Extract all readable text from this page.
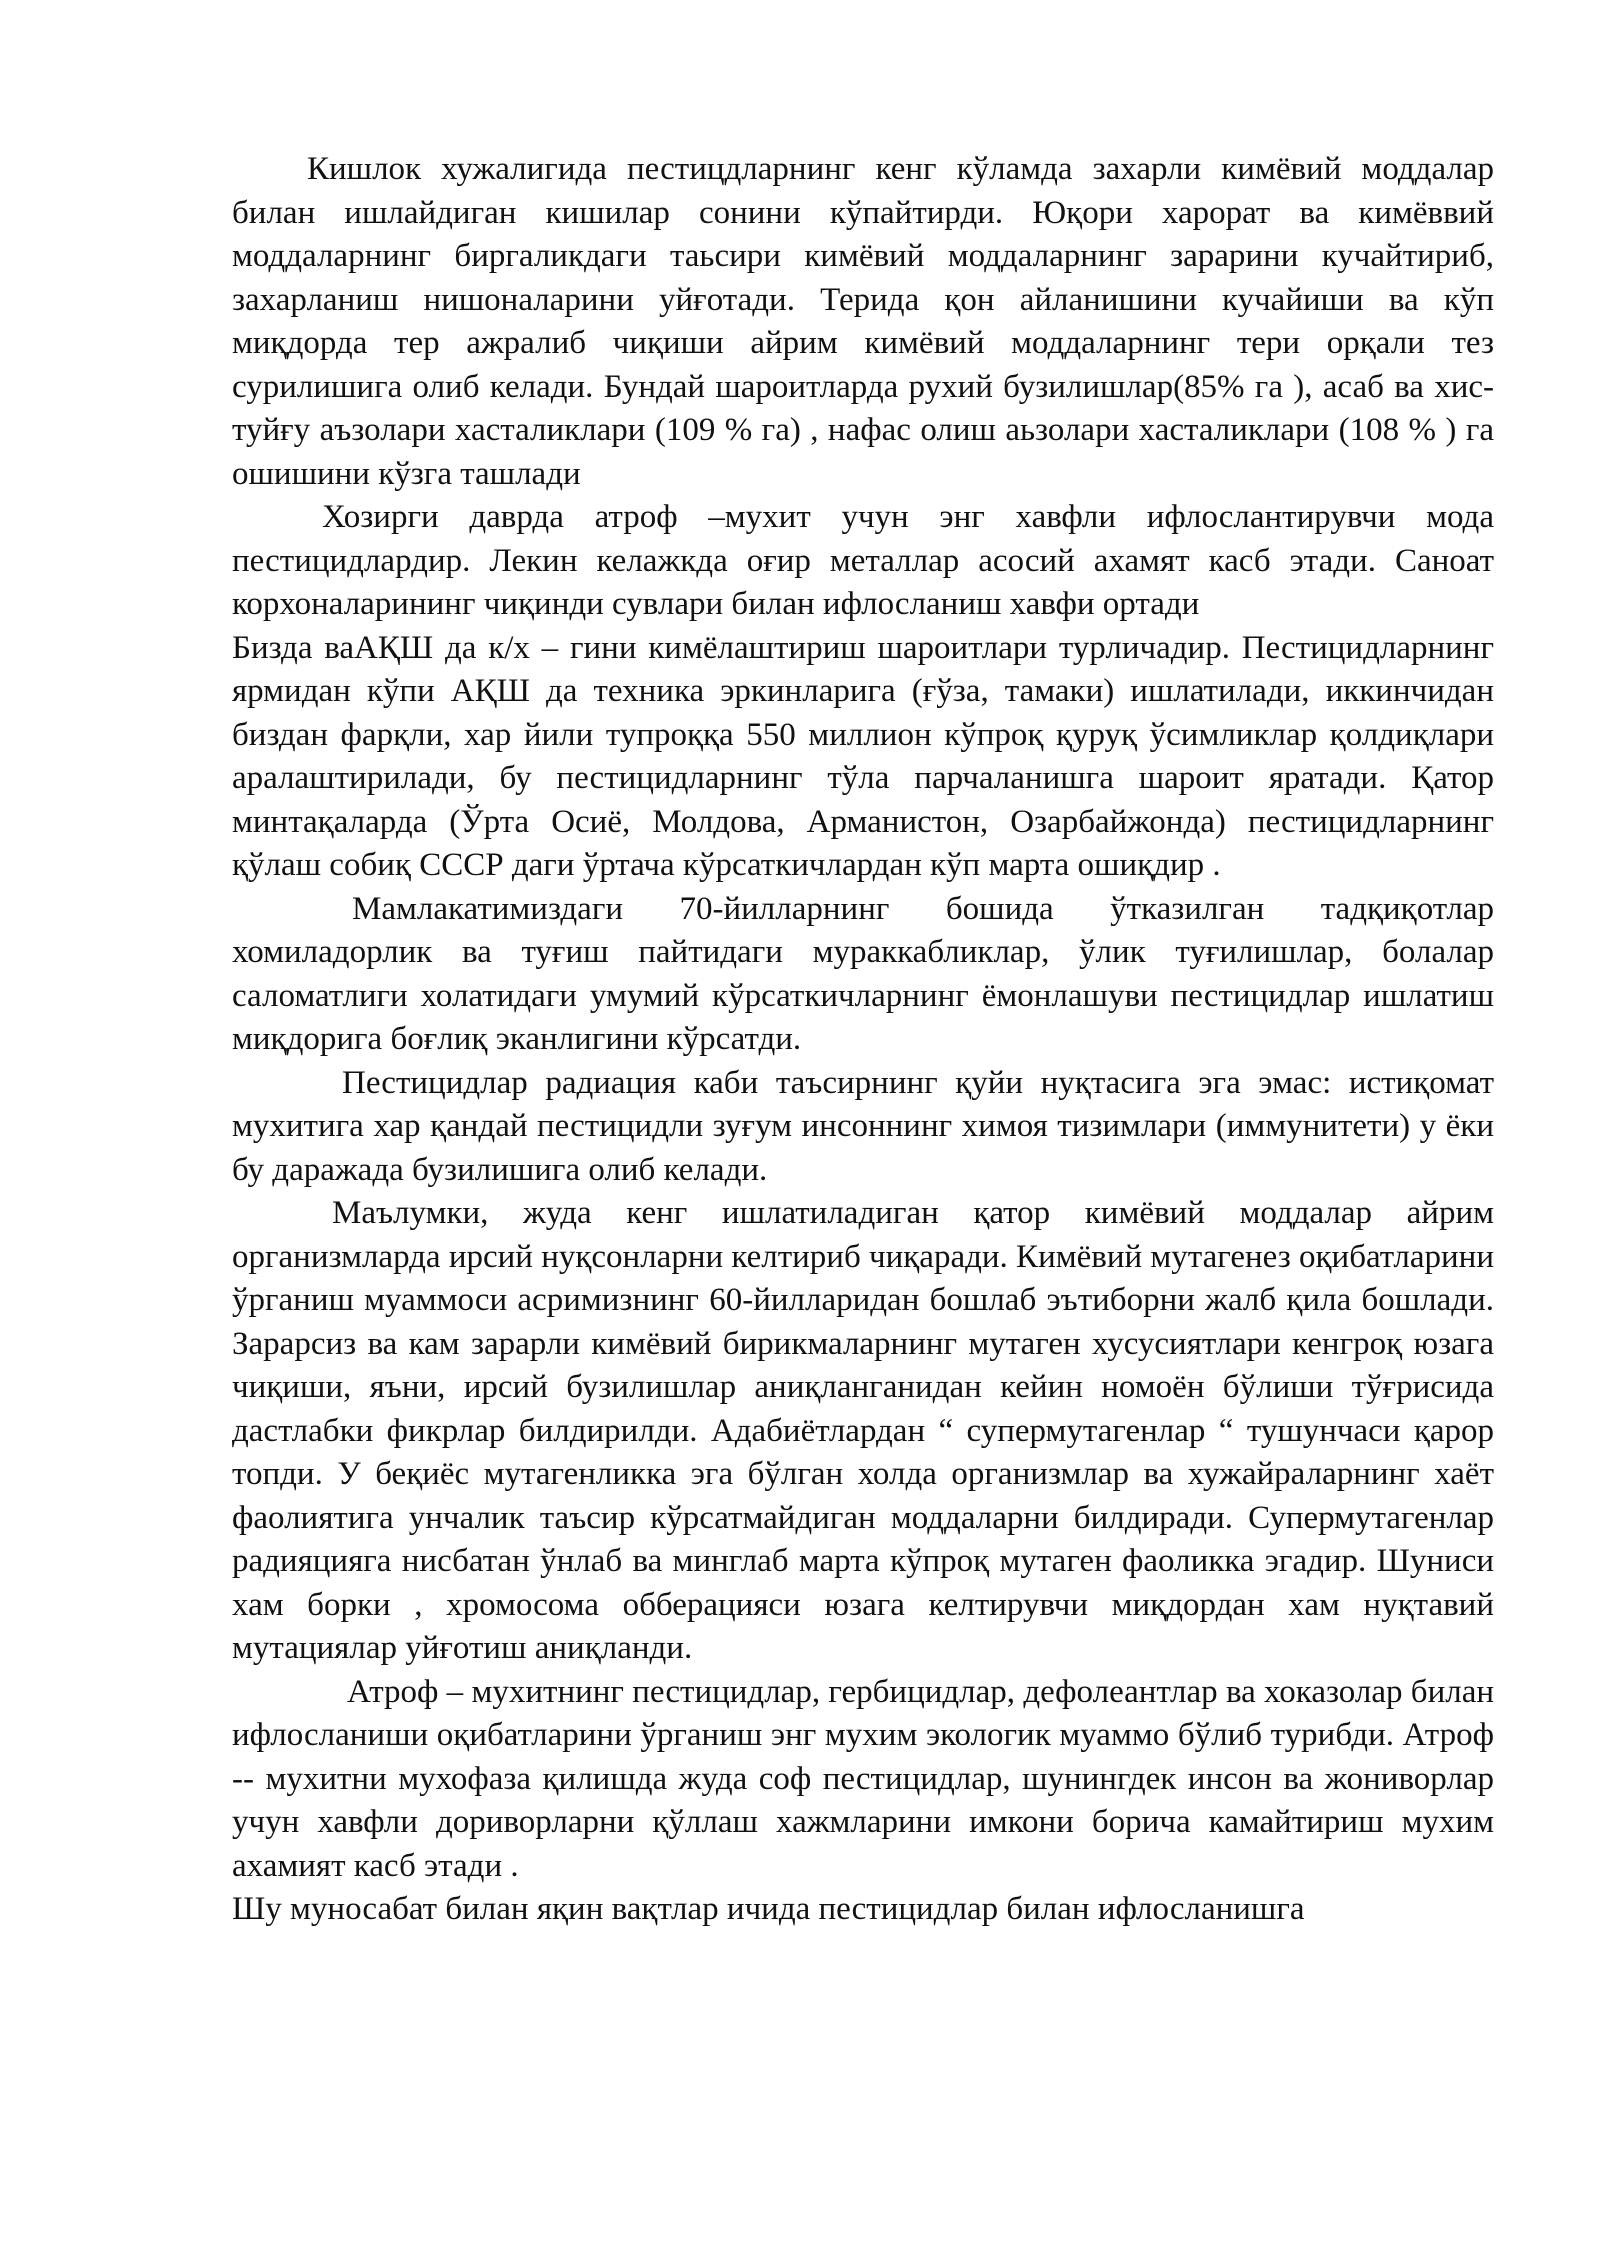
Кишлок хужалигида пестицдларнинг кенг кўламда захарли кимёвий моддалар билан ишлайдиган кишилар сонини кўпайтирди. Юқори харорат ва кимёввий моддаларнинг биргаликдаги таьсири кимёвий моддаларнинг зарарини кучайтириб, захарланиш нишоналарини уйғотади. Терида қон айланишини кучайиши ва кўп миқдорда тер ажралиб чиқиши айрим кимёвий моддаларнинг тери орқали тез сурилишига олиб келади. Бундай шароитларда рухий бузилишлар(85% га ), асаб ва хис- туйғу аъзолари хасталиклари (109 % га) , нафас олиш аьзолари хасталиклари (108 % ) га ошишини кўзга ташлади

Хозирги даврда атроф –мухит учун энг хавфли ифлослантирувчи мода пестицидлардир. Лекин келажкда оғир металлар асосий ахамят касб этади. Саноат корхоналарининг чиқинди сувлари билан ифлосланиш хавфи ортади

Бизда ваАҚШ да к/х – гини кимёлаштириш шароитлари турличадир. Пестицидларнинг ярмидан кўпи АҚШ да техника эркинларига (ғўза, тамаки) ишлатилади, иккинчидан биздан фарқли, хар йили тупроққа 550 миллион кўпроқ қуруқ ўсимликлар қолдиқлари аралаштирилади, бу пестицидларнинг тўла парчаланишга шароит яратади. Қатор минтақаларда (Ўрта Осиё, Молдова, Арманистон, Озарбайжонда) пестицидларнинг қўлаш собиқ СССР даги ўртача кўрсаткичлардан кўп марта ошиқдир .

Мамлакатимиздаги 70-йилларнинг бошида ўтказилган тадқиқотлар хомиладорлик ва туғиш пайтидаги мураккабликлар, ўлик туғилишлар, болалар саломатлиги холатидаги умумий кўрсаткичларнинг ёмонлашуви пестицидлар ишлатиш миқдорига боғлиқ эканлигини кўрсатди.

Пестицидлар радиация каби таъсирнинг қуйи нуқтасига эга эмас: истиқомат мухитига хар қандай пестицидли зуғум инсоннинг химоя тизимлари (иммунитети) у ёки бу даражада бузилишига олиб келади.

Маълумки, жуда кенг ишлатиладиган қатор кимёвий моддалар айрим организмларда ирсий нуқсонларни келтириб чиқаради. Кимёвий мутагенез оқибатларини ўрганиш муаммоси асримизнинг 60-йилларидан бошлаб эътиборни жалб қила бошлади. Зарарсиз ва кам зарарли кимёвий бирикмаларнинг мутаген хусусиятлари кенгроқ юзага чиқиши, яъни, ирсий бузилишлар аниқланганидан кейин номоён бўлиши тўғрисида дастлабки фикрлар билдирилди. Адабиётлардан “ супермутагенлар “ тушунчаси қарор топди. У беқиёс мутагенликка эга бўлган холда организмлар ва хужайраларнинг хаёт фаолиятига унчалик таъсир кўрсатмайдиган моддаларни билдиради. Супермутагенлар радияцияга нисбатан ўнлаб ва минглаб марта кўпроқ мутаген фаоликка эгадир. Шуниси хам борки , хромосома обберацияси юзага келтирувчи миқдордан хам нуқтавий мутациялар уйғотиш аниқланди.

Атроф – мухитнинг пестицидлар, гербицидлар, дефолеантлар ва хоказолар билан ифлосланиши оқибатларини ўрганиш энг мухим экологик муаммо бўлиб турибди. Атроф -- мухитни мухофаза қилишда жуда соф пестицидлар, шунингдек инсон ва жониворлар учун хавфли дориворларни қўллаш хажмларини имкони борича камайтириш мухим ахамият касб этади .

Шу муносабат билан яқин вақтлар ичида пестицидлар билан ифлосланишга
